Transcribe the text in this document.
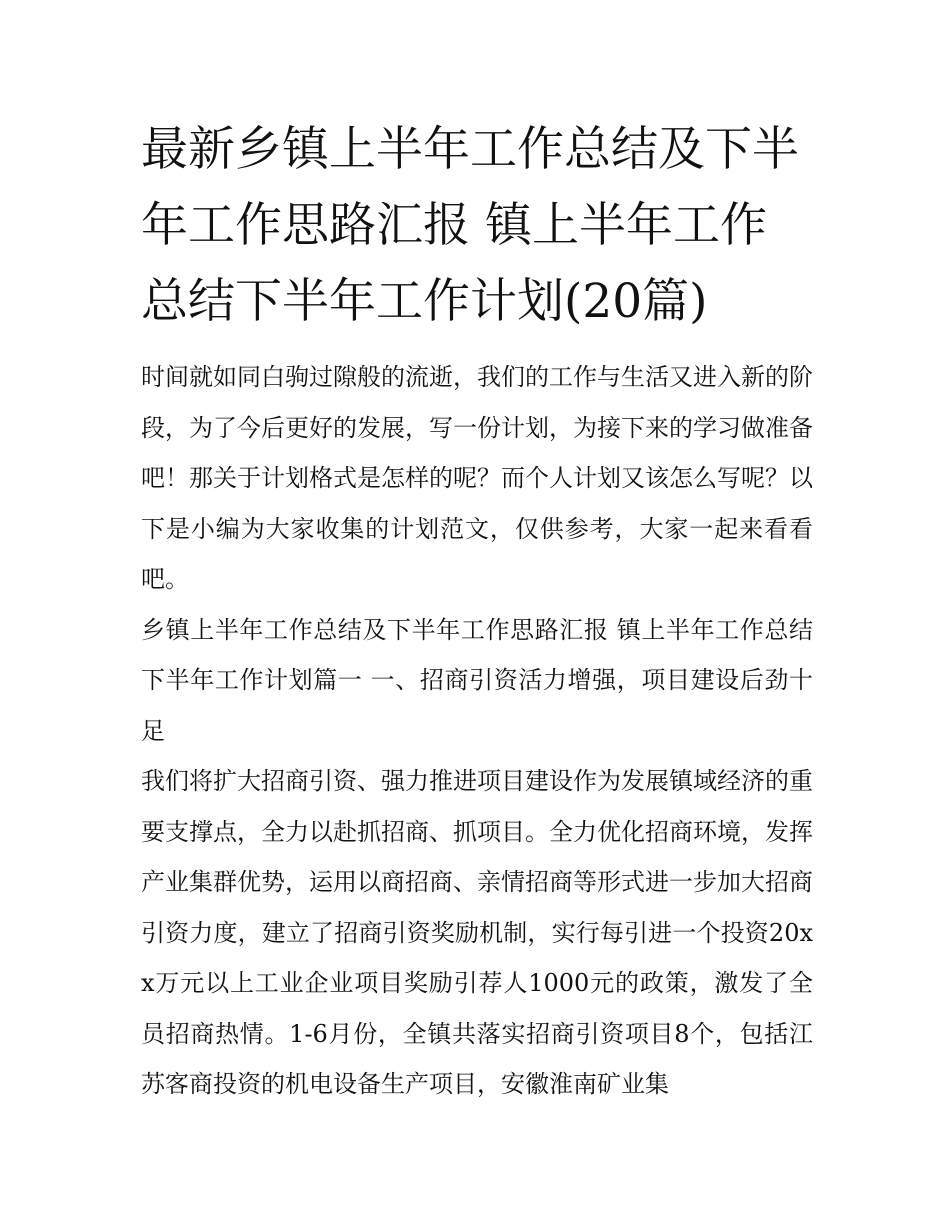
最新乡镇上半年工作总结及下半年工作思路汇报 镇上半年工作总结下半年工作计划(20篇)

时间就如同白驹过隙般的流逝，我们的工作与生活又进入新的阶段，为了今后更好的发展，写一份计划，为接下来的学习做准备吧！那关于计划格式是怎样的呢？而个人计划又该怎么写呢？以下是小编为大家收集的计划范文，仅供参考，大家一起来看看吧。

乡镇上半年工作总结及下半年工作思路汇报 镇上半年工作总结下半年工作计划篇一 一、招商引资活力增强，项目建设后劲十足

我们将扩大招商引资、强力推进项目建设作为发展镇域经济的重要支撑点，全力以赴抓招商、抓项目。全力优化招商环境，发挥产业集群优势，运用以商招商、亲情招商等形式进一步加大招商引资力度，建立了招商引资奖励机制，实行每引进一个投资20xx万元以上工业企业项目奖励引荐人1000元的政策，激发了全员招商热情。1-6月份，全镇共落实招商引资项目8个，包括江苏客商投资的机电设备生产项目，安徽淮南矿业集
